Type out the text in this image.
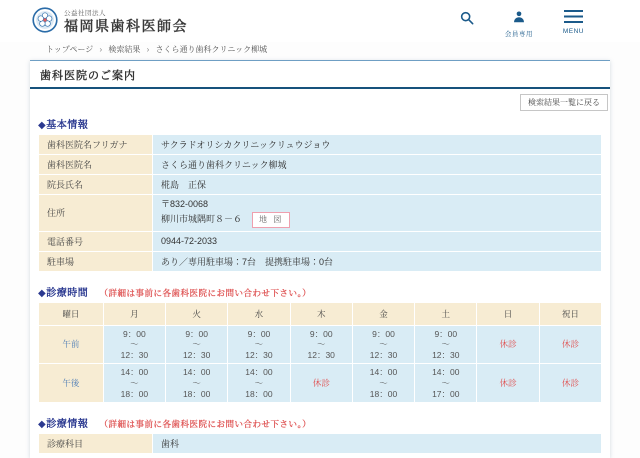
公益社団法人
福岡県歯科医師会
会員専用	MENU
トップページ › 検索結果 › さくら通り歯科クリニック柳城
歯科医院のご案内
検索結果一覧に戻る
◆基本情報
歯科医院名フリガナ	サクラドオリシカクリニックリュウジョウ
歯科医院名	さくら通り歯科クリニック柳城
院長氏名	椛島　正保
住所	〒832-0068
柳川市城隅町８－６ 地 図

電話番号	0944-72-2033
駐車場	あり／専用駐車場：7台　提携駐車場：0台
◆診療時間 （詳細は事前に各歯科医院にお問い合わせ下さい。）
曜日	月	火	水	木	金	土	日	祝日
午前	9：00
〜
12：30	9：00
〜
12：30	9：00
〜
12：30	9：00
〜
12：30	9：00
〜
12：30	9：00
〜
12：30	休診	休診
午後	14：00
〜
18：00	14：00
〜
18：00	14：00
〜
18：00	休診	14：00
〜
18：00	14：00
〜
17：00	休診	休診
◆診療情報 （詳細は事前に各歯科医院にお問い合わせ下さい。）
診療科目	歯科
